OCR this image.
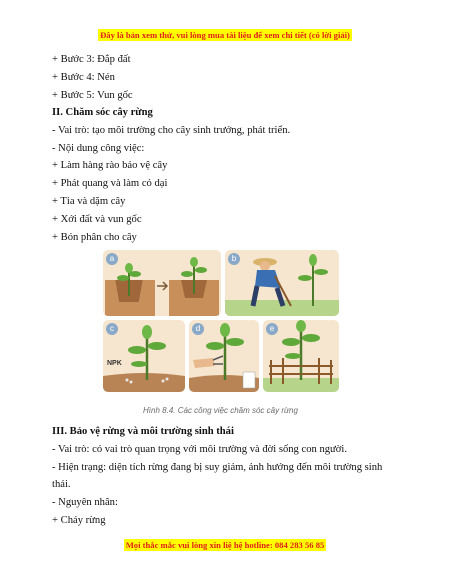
Đây là bản xem thử, vui lòng mua tài liệu để xem chi tiết (có lời giải)
+ Bước 3: Đắp đất
+ Bước 4: Nén
+ Bước 5: Vun gốc
II. Chăm sóc cây rừng
- Vai trò: tạo môi trường cho cây sinh trưởng, phát triển.
- Nội dung công việc:
+ Làm hàng rào bảo vệ cây
+ Phát quang và làm cỏ dại
+ Tỉa và dặm cây
+ Xới đất và vun gốc
+ Bón phân cho cây
III. Bảo vệ rừng và môi trường sinh thái
- Vai trò: có vai trò quan trọng với môi trường và đời sống con người.
- Hiện trạng: diện tích rừng đang bị suy giảm, ảnh hưởng đến môi trường sinh
thái.
- Nguyên nhân:
+ Cháy rừng
a	b
c
NPK
d	e
Hình 8.4. Các công việc chăm sóc cây rừng
Mọi thắc mắc vui lòng xin liệ hệ hotline: 084 283 56 85
